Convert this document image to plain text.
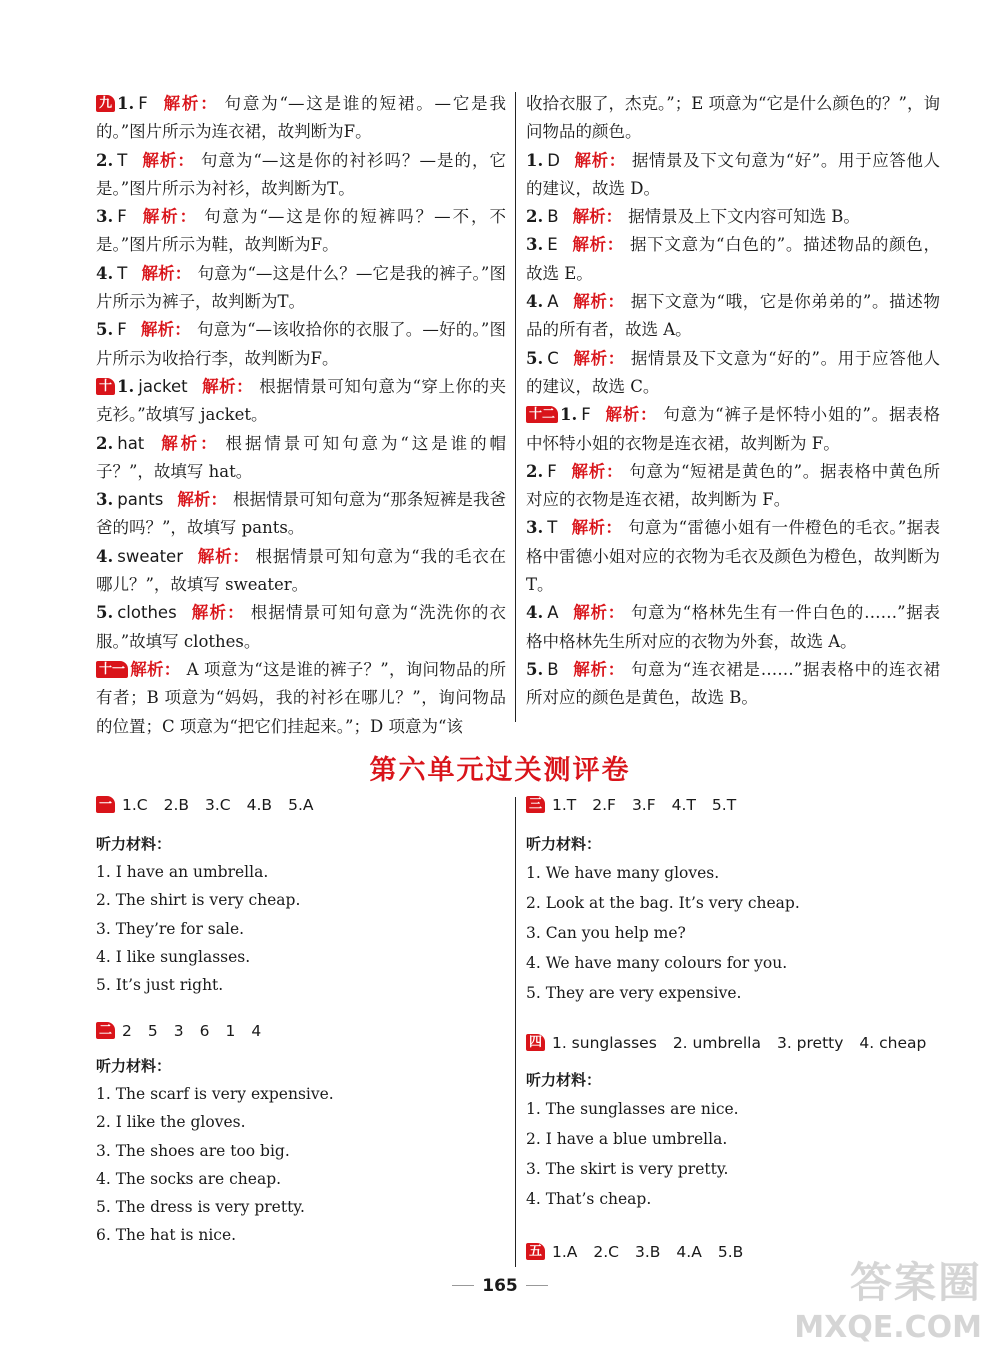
九 1. F 解析： 句意为“—这是谁的短裙。—它是我的。”图片所示为连衣裙，故判断为F。

2. T 解析： 句意为“—这是你的衬衫吗？—是的，它是。”图片所示为衬衫，故判断为T。

3. F 解析： 句意为“—这是你的短裤吗？—不，不是。”图片所示为鞋，故判断为F。

4. T 解析： 句意为“—这是什么？—它是我的裤子。”图片所示为裤子，故判断为T。

5. F 解析： 句意为“—该收拾你的衣服了。—好的。”图片所示为收拾行李，故判断为F。

十 1. jacket 解析： 根据情景可知句意为“穿上你的夹克衫。”故填写 jacket。

2. hat 解析： 根据情景可知句意为“这是谁的帽子？”，故填写 hat。

3. pants 解析： 根据情景可知句意为“那条短裤是我爸爸的吗？”，故填写 pants。

4. sweater 解析： 根据情景可知句意为“我的毛衣在哪儿？”，故填写 sweater。

5. clothes 解析： 根据情景可知句意为“洗洗你的衣服。”故填写 clothes。

十一 解析： A 项意为“这是谁的裤子？”，询问物品的所有者；B 项意为“妈妈，我的衬衫在哪儿？”，询问物品的位置；C 项意为“把它们挂起来。”；D 项意为“该

收拾衣服了，杰克。”；E 项意为“它是什么颜色的？”，询问物品的颜色。

1. D 解析： 据情景及下文句意为“好”。用于应答他人的建议，故选 D。

2. B 解析： 据情景及上下文内容可知选 B。

3. E 解析： 据下文意为“白色的”。描述物品的颜色，故选 E。

4. A 解析： 据下文意为“哦，它是你弟弟的”。描述物品的所有者，故选 A。

5. C 解析： 据情景及下文意为“好的”。用于应答他人的建议，故选 C。

十二 1. F 解析： 句意为“裤子是怀特小姐的”。据表格中怀特小姐的衣物是连衣裙，故判断为 F。

2. F 解析： 句意为“短裙是黄色的”。据表格中黄色所对应的衣物是连衣裙，故判断为 F。

3. T 解析： 句意为“雷德小姐有一件橙色的毛衣。”据表格中雷德小姐对应的衣物为毛衣及颜色为橙色，故判断为 T。

4. A 解析： 句意为“格林先生有一件白色的……”据表格中格林先生所对应的衣物为外套，故选 A。

5. B 解析： 句意为“连衣裙是……”据表格中的连衣裙所对应的颜色是黄色，故选 B。

第六单元过关测评卷
一 1.C 2.B 3.C 4.B 5.A
听力材料：

1. I have an umbrella.

2. The shirt is very cheap.

3. They’re for sale.

4. I like sunglasses.

5. It’s just right.

二 2 5 3 6 1 4
听力材料：

1. The scarf is very expensive.

2. I like the gloves.

3. The shoes are too big.

4. The socks are cheap.

5. The dress is very pretty.

6. The hat is nice.

三 1.T 2.F 3.F 4.T 5.T
听力材料：

1. We have many gloves.

2. Look at the bag. It’s very cheap.

3. Can you help me?

4. We have many colours for you.

5. They are very expensive.

四 1. sunglasses 2. umbrella 3. pretty 4. cheap
听力材料：

1. The sunglasses are nice.

2. I have a blue umbrella.

3. The skirt is very pretty.

4. That’s cheap.

五 1.A 2.C 3.B 4.A 5.B
165	答案圈
MXQE.COM
